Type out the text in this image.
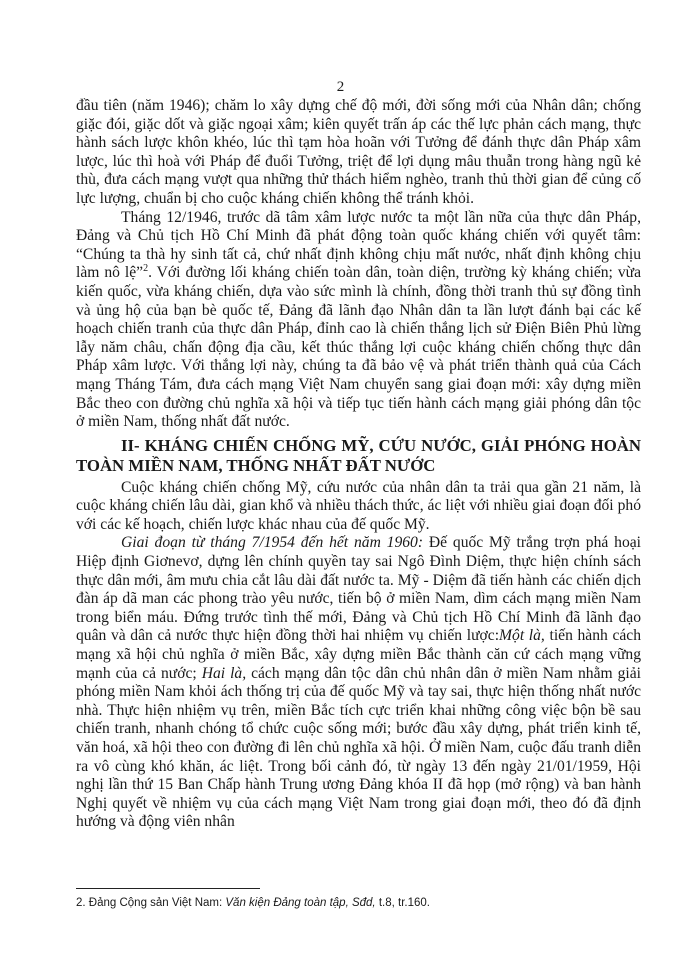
2

đầu tiên (năm 1946); chăm lo xây dựng chế độ mới, đời sống mới của Nhân dân; chống giặc đói, giặc dốt và giặc ngoại xâm; kiên quyết trấn áp các thế lực phản cách mạng, thực hành sách lược khôn khéo, lúc thì tạm hòa hoãn với Tưởng để đánh thực dân Pháp xâm lược, lúc thì hoà với Pháp để đuổi Tưởng, triệt để lợi dụng mâu thuẫn trong hàng ngũ kẻ thù, đưa cách mạng vượt qua những thử thách hiểm nghèo, tranh thủ thời gian để củng cố lực lượng, chuẩn bị cho cuộc kháng chiến không thể tránh khỏi.

Tháng 12/1946, trước dã tâm xâm lược nước ta một lần nữa của thực dân Pháp, Đảng và Chủ tịch Hồ Chí Minh đã phát động toàn quốc kháng chiến với quyết tâm: “Chúng ta thà hy sinh tất cả, chứ nhất định không chịu mất nước, nhất định không chịu làm nô lệ”$^2$. Với đường lối kháng chiến toàn dân, toàn diện, trường kỳ kháng chiến; vừa kiến quốc, vừa kháng chiến, dựa vào sức mình là chính, đồng thời tranh thủ sự đồng tình và ủng hộ của bạn bè quốc tế, Đảng đã lãnh đạo Nhân dân ta lần lượt đánh bại các kế hoạch chiến tranh của thực dân Pháp, đỉnh cao là chiến thắng lịch sử Điện Biên Phủ lừng lẫy năm châu, chấn động địa cầu, kết thúc thắng lợi cuộc kháng chiến chống thực dân Pháp xâm lược. Với thắng lợi này, chúng ta đã bảo vệ và phát triển thành quả của Cách mạng Tháng Tám, đưa cách mạng Việt Nam chuyển sang giai đoạn mới: xây dựng miền Bắc theo con đường chủ nghĩa xã hội và tiếp tục tiến hành cách mạng giải phóng dân tộc ở miền Nam, thống nhất đất nước.

II- KHÁNG CHIẾN CHỐNG MỸ, CỨU NƯỚC, GIẢI PHÓNG HOÀN TOÀN MIỀN NAM, THỐNG NHẤT ĐẤT NƯỚC

Cuộc kháng chiến chống Mỹ, cứu nước của nhân dân ta trải qua gần 21 năm, là cuộc kháng chiến lâu dài, gian khổ và nhiều thách thức, ác liệt với nhiều giai đoạn đối phó với các kế hoạch, chiến lược khác nhau của đế quốc Mỹ.

Giai đoạn từ tháng 7/1954 đến hết năm 1960: Đế quốc Mỹ trắng trợn phá hoại Hiệp định Giơnevơ, dựng lên chính quyền tay sai Ngô Đình Diệm, thực hiện chính sách thực dân mới, âm mưu chia cắt lâu dài đất nước ta. Mỹ - Diệm đã tiến hành các chiến dịch đàn áp dã man các phong trào yêu nước, tiến bộ ở miền Nam, dìm cách mạng miền Nam trong biển máu. Đứng trước tình thế mới, Đảng và Chủ tịch Hồ Chí Minh đã lãnh đạo quân và dân cả nước thực hiện đồng thời hai nhiệm vụ chiến lược:Một là, tiến hành cách mạng xã hội chủ nghĩa ở miền Bắc, xây dựng miền Bắc thành căn cứ cách mạng vững mạnh của cả nước; Hai là, cách mạng dân tộc dân chủ nhân dân ở miền Nam nhằm giải phóng miền Nam khỏi ách thống trị của đế quốc Mỹ và tay sai, thực hiện thống nhất nước nhà. Thực hiện nhiệm vụ trên, miền Bắc tích cực triển khai những công việc bộn bề sau chiến tranh, nhanh chóng tổ chức cuộc sống mới; bước đầu xây dựng, phát triển kinh tế, văn hoá, xã hội theo con đường đi lên chủ nghĩa xã hội. Ở miền Nam, cuộc đấu tranh diễn ra vô cùng khó khăn, ác liệt. Trong bối cảnh đó, từ ngày 13 đến ngày 21/01/1959, Hội nghị lần thứ 15 Ban Chấp hành Trung ương Đảng khóa II đã họp (mở rộng) và ban hành Nghị quyết về nhiệm vụ của cách mạng Việt Nam trong giai đoạn mới, theo đó đã định hướng và động viên nhân

2. Đảng Cộng sản Việt Nam: Văn kiện Đảng toàn tập, Sđd, t.8, tr.160.
